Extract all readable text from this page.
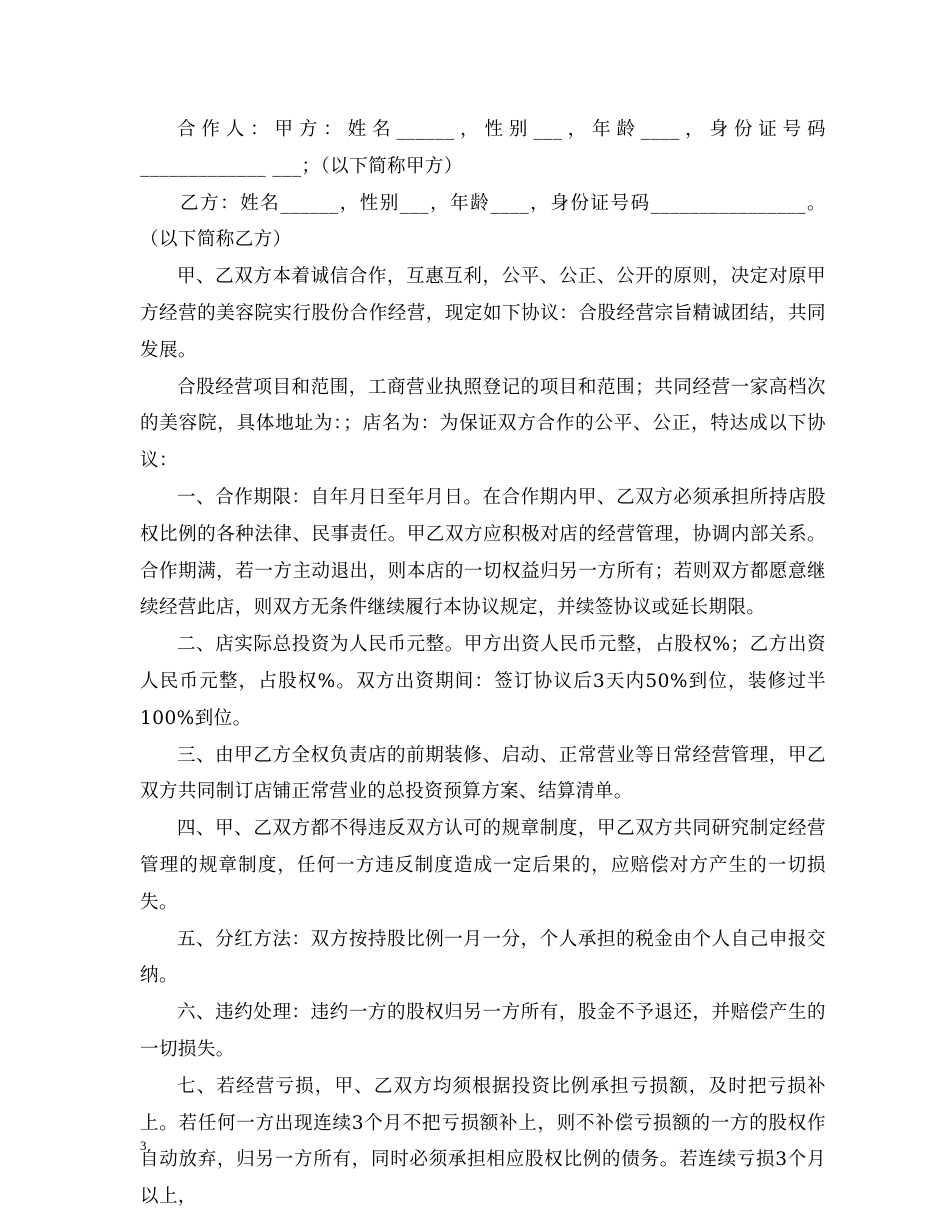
合作人：甲方：姓名______，性别___，年龄____，身份证号码_____________ ___；（以下简称甲方）

乙方：姓名______，性别___，年龄____，身份证号码________________。（以下简称乙方）

甲、乙双方本着诚信合作，互惠互利，公平、公正、公开的原则，决定对原甲方经营的美容院实行股份合作经营，现定如下协议：合股经营宗旨精诚团结，共同发展。

合股经营项目和范围，工商营业执照登记的项目和范围；共同经营一家高档次的美容院，具体地址为：；店名为：为保证双方合作的公平、公正，特达成以下协议：

一、合作期限：自年月日至年月日。在合作期内甲、乙双方必须承担所持店股权比例的各种法律、民事责任。甲乙双方应积极对店的经营管理，协调内部关系。合作期满，若一方主动退出，则本店的一切权益归另一方所有；若则双方都愿意继续经营此店，则双方无条件继续履行本协议规定，并续签协议或延长期限。

二、店实际总投资为人民币元整。甲方出资人民币元整，占股权%；乙方出资人民币元整，占股权%。双方出资期间：签订协议后3天内50%到位，装修过半100%到位。

三、由甲乙方全权负责店的前期装修、启动、正常营业等日常经营管理，甲乙双方共同制订店铺正常营业的总投资预算方案、结算清单。

四、甲、乙双方都不得违反双方认可的规章制度，甲乙双方共同研究制定经营管理的规章制度，任何一方违反制度造成一定后果的，应赔偿对方产生的一切损失。

五、分红方法：双方按持股比例一月一分，个人承担的税金由个人自己申报交纳。

六、违约处理：违约一方的股权归另一方所有，股金不予退还，并赔偿产生的一切损失。

七、若经营亏损，甲、乙双方均须根据投资比例承担亏损额，及时把亏损补上。若任何一方出现连续3个月不把亏损额补上，则不补偿亏损额的一方的股权作自动放弃，归另一方所有，同时必须承担相应股权比例的债务。若连续亏损3个月以上，

3
